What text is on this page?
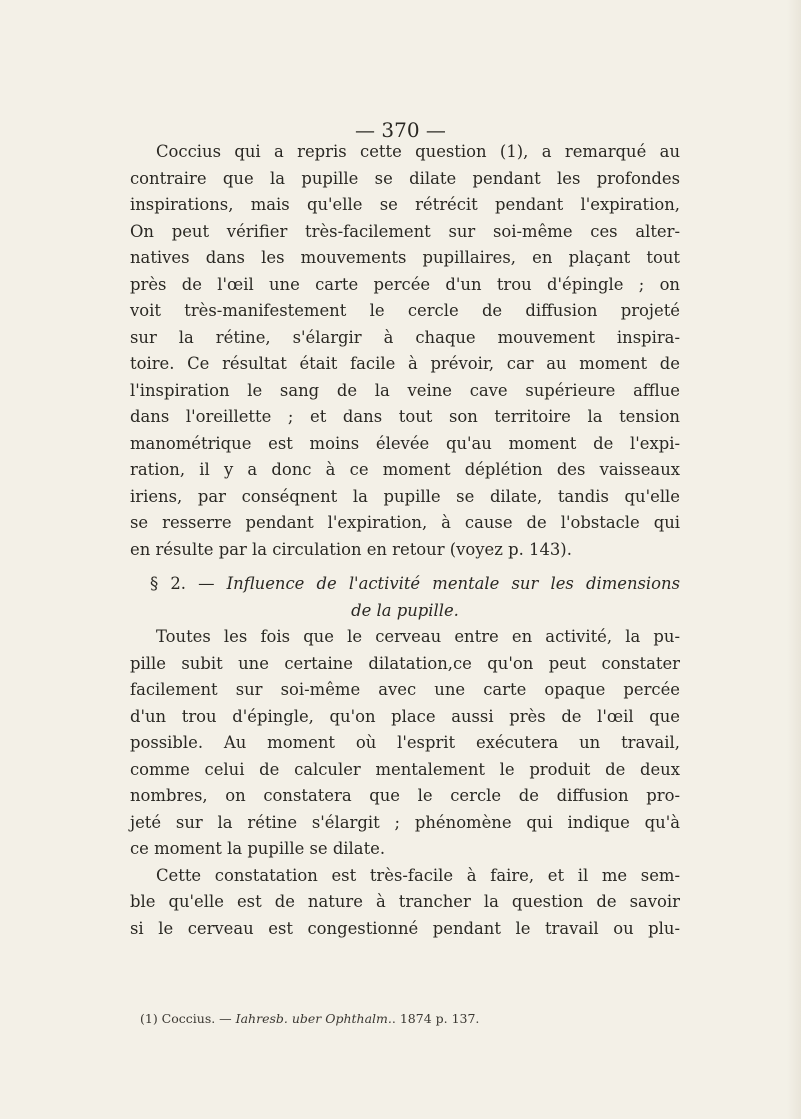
— 370 —

Coccius qui a repris cette question (1), a remarqué au
contraire que la pupille se dilate pendant les profondes
inspirations, mais qu'elle se rétrécit pendant l'expiration,
On peut vérifier très-facilement sur soi-même ces alter-
natives dans les mouvements pupillaires, en plaçant tout
près de l'œil une carte percée d'un trou d'épingle ; on
voit très-manifestement le cercle de diffusion projeté
sur la rétine, s'élargir à chaque mouvement inspira-
toire. Ce résultat était facile à prévoir, car au moment de
l'inspiration le sang de la veine cave supérieure afflue
dans l'oreillette ; et dans tout son territoire la tension
manométrique est moins élevée qu'au moment de l'expi-
ration, il y a donc à ce moment déplétion des vaisseaux
iriens, par conséqnent la pupille se dilate, tandis qu'elle
se resserre pendant l'expiration, à cause de l'obstacle qui
en résulte par la circulation en retour (voyez p. 143).
§ 2. — Influence de l'activité mentale sur les dimensions
de la pupille.
Toutes les fois que le cerveau entre en activité, la pu-
pille subit une certaine dilatation,ce qu'on peut constater
facilement sur soi-même avec une carte opaque percée
d'un trou d'épingle, qu'on place aussi près de l'œil que
possible. Au moment où l'esprit exécutera un travail,
comme celui de calculer mentalement le produit de deux
nombres, on constatera que le cercle de diffusion pro-
jeté sur la rétine s'élargit ; phénomène qui indique qu'à
ce moment la pupille se dilate.
Cette constatation est très-facile à faire, et il me sem-
ble qu'elle est de nature à trancher la question de savoir
si le cerveau est congestionné pendant le travail ou plu-
(1) Coccius. — Iahresb. uber Ophthalm.. 1874 p. 137.
